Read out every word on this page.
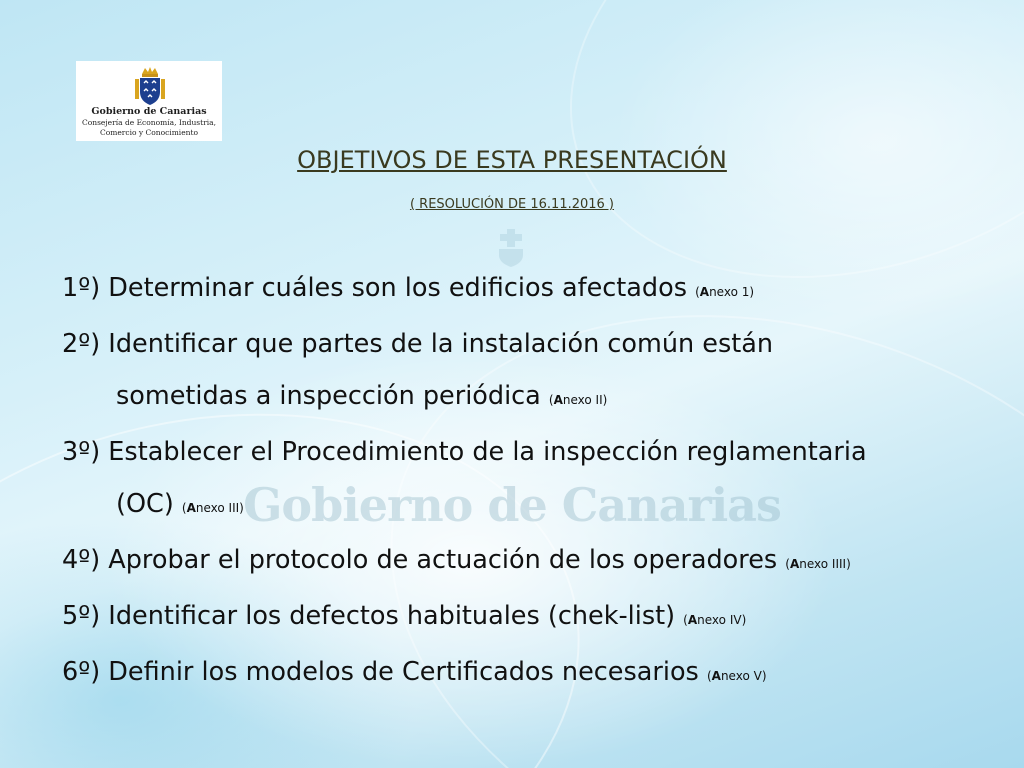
Gobierno de Canarias
Consejería de Economía, Industria,
Comercio y Conocimiento
OBJETIVOS DE ESTA PRESENTACIÓN
( RESOLUCIÓN DE 16.11.2016 )
Gobierno de Canarias
1º) Determinar cuáles son los edificios afectados (Anexo 1)
2º) Identificar que partes de la instalación común están
sometidas a inspección periódica (Anexo II)
3º) Establecer el Procedimiento de la inspección reglamentaria
(OC) (Anexo III)
4º) Aprobar el protocolo de actuación de los operadores (Anexo IIII)
5º) Identificar los defectos habituales (chek-list) (Anexo IV)
6º) Definir los modelos de Certificados necesarios (Anexo V)
